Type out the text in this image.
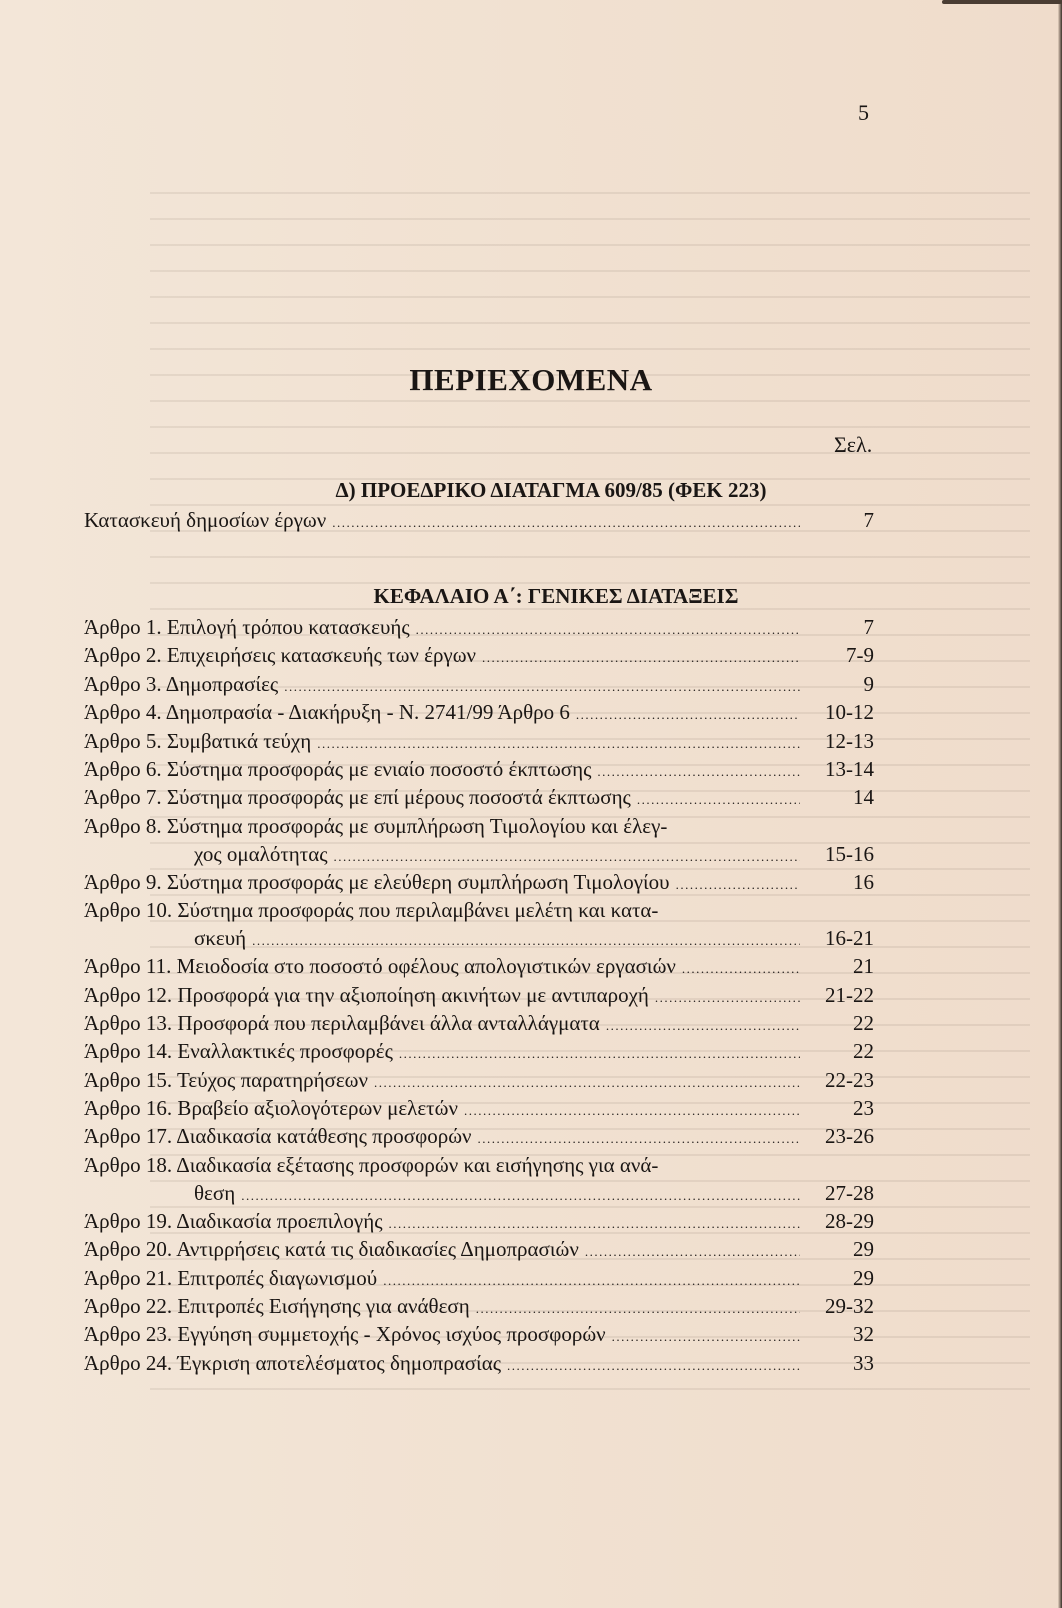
5
ΠΕΡΙΕΧΟΜΕΝΑ
Σελ.
Δ) ΠΡΟΕΔΡΙΚΟ ΔΙΑΤΑΓΜΑ 609/85 (ΦΕΚ 223)
Κατασκευή δημοσίων έργων .....	7
ΚΕΦΑΛΑΙΟ Α΄: ΓΕΝΙΚΕΣ ΔΙΑΤΑΞΕΙΣ
Άρθρο 1. Επιλογή τρόπου κατασκευής .....	7
Άρθρο 2. Επιχειρήσεις κατασκευής των έργων .....	7-9
Άρθρο 3. Δημοπρασίες .....	9
Άρθρο 4. Δημοπρασία - Διακήρυξη - Ν. 2741/99 Άρθρο 6 .....	10-12
Άρθρο 5. Συμβατικά τεύχη .....	12-13
Άρθρο 6. Σύστημα προσφοράς με ενιαίο ποσοστό έκπτωσης .....	13-14
Άρθρο 7. Σύστημα προσφοράς με επί μέρους ποσοστά έκπτωσης .....	14
Άρθρο 8. Σύστημα προσφοράς με συμπλήρωση Τιμολογίου και έλεγ-
χος ομαλότητας .....	15-16
Άρθρο 9. Σύστημα προσφοράς με ελεύθερη συμπλήρωση Τιμολογίου .....	16
Άρθρο 10. Σύστημα προσφοράς που περιλαμβάνει μελέτη και κατα-
σκευή .....	16-21
Άρθρο 11. Μειοδοσία στο ποσοστό οφέλους απολογιστικών εργασιών .....	21
Άρθρο 12. Προσφορά για την αξιοποίηση ακινήτων με αντιπαροχή .....	21-22
Άρθρο 13. Προσφορά που περιλαμβάνει άλλα ανταλλάγματα .....	22
Άρθρο 14. Εναλλακτικές προσφορές .....	22
Άρθρο 15. Τεύχος παρατηρήσεων .....	22-23
Άρθρο 16. Βραβείο αξιολογότερων μελετών .....	23
Άρθρο 17. Διαδικασία κατάθεσης προσφορών .....	23-26
Άρθρο 18. Διαδικασία εξέτασης προσφορών και εισήγησης για ανά-
θεση .....	27-28
Άρθρο 19. Διαδικασία προεπιλογής .....	28-29
Άρθρο 20. Αντιρρήσεις κατά τις διαδικασίες Δημοπρασιών .....	29
Άρθρο 21. Επιτροπές διαγωνισμού .....	29
Άρθρο 22. Επιτροπές Εισήγησης για ανάθεση .....	29-32
Άρθρο 23. Εγγύηση συμμετοχής - Χρόνος ισχύος προσφορών .....	32
Άρθρο 24. Έγκριση αποτελέσματος δημοπρασίας .....	33
